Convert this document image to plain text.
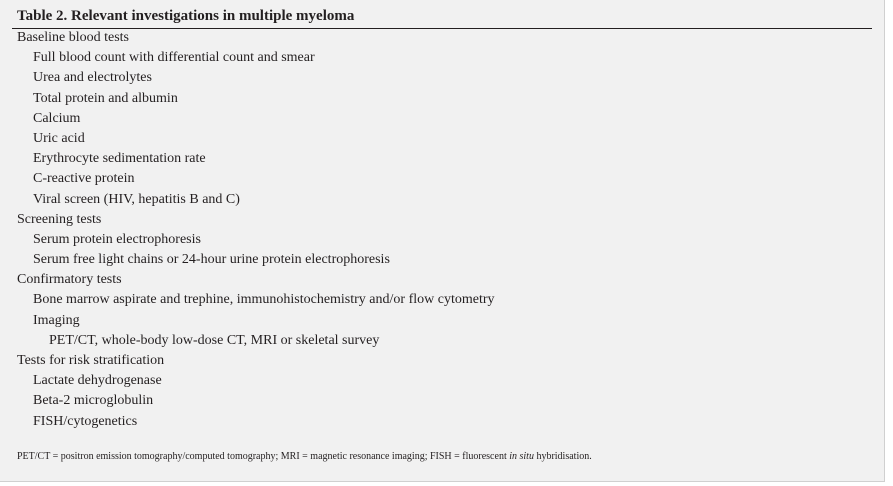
Table 2. Relevant investigations in multiple myeloma
Baseline blood tests
Full blood count with differential count and smear
Urea and electrolytes
Total protein and albumin
Calcium
Uric acid
Erythrocyte sedimentation rate
C-reactive protein
Viral screen (HIV, hepatitis B and C)
Screening tests
Serum protein electrophoresis
Serum free light chains or 24-hour urine protein electrophoresis
Confirmatory tests
Bone marrow aspirate and trephine, immunohistochemistry and/or flow cytometry
Imaging
PET/CT, whole-body low-dose CT, MRI or skeletal survey
Tests for risk stratification
Lactate dehydrogenase
Beta-2 microglobulin
FISH/cytogenetics
PET/CT = positron emission tomography/computed tomography; MRI = magnetic resonance imaging; FISH = fluorescent in situ hybridisation.
